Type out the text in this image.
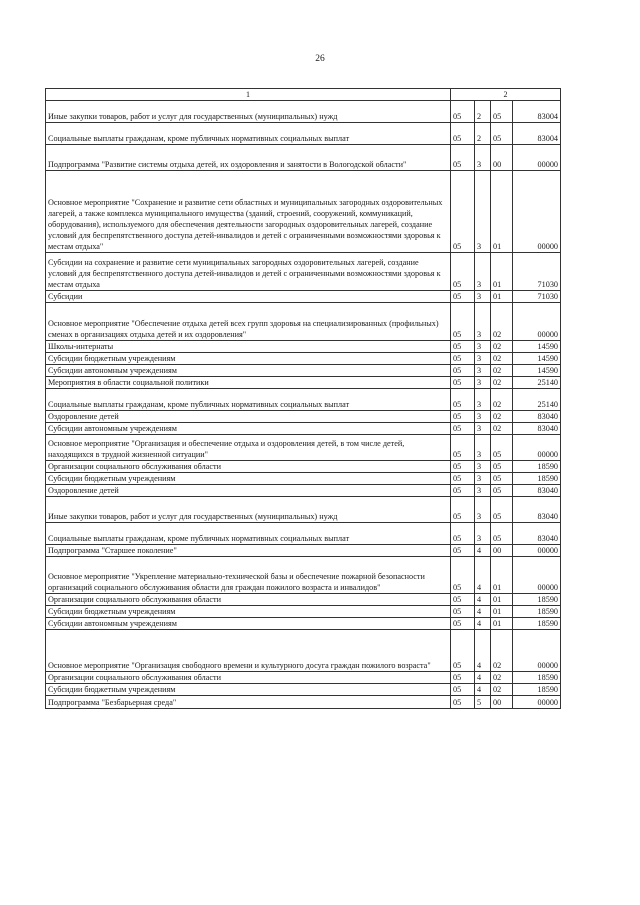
26
1	2			
Иные закупки товаров, работ и услуг для государственных (муниципальных) нужд	05	2	05	83004
Социальные выплаты гражданам, кроме публичных нормативных социальных выплат	05	2	05	83004
Подпрограмма "Развитие системы отдыха детей, их оздоровления и занятости в Вологодской области"	05	3	00	00000
Основное мероприятие "Сохранение и развитие сети областных и муниципальных загородных оздоровительных лагерей, а также комплекса муниципального имущества (зданий, строений, сооружений, коммуникаций, оборудования), используемого для обеспечения деятельности загородных оздоровительных лагерей, создание условий для беспрепятственного доступа детей-инвалидов и детей с ограниченными возможностями здоровья к местам отдыха"	05	3	01	00000
Субсидии на сохранение и развитие сети муниципальных загородных оздоровительных лагерей, создание условий для беспрепятственного доступа детей-инвалидов и детей с ограниченными возможностями здоровья к местам отдыха	05	3	01	71030
Субсидии	05	3	01	71030
Основное мероприятие "Обеспечение отдыха детей всех групп здоровья на специализированных (профильных) сменах в организациях отдыха детей и их оздоровления"	05	3	02	00000
Школы-интернаты	05	3	02	14590
Субсидии бюджетным учреждениям	05	3	02	14590
Субсидии автономным учреждениям	05	3	02	14590
Мероприятия в области социальной политики	05	3	02	25140
Социальные выплаты гражданам, кроме публичных нормативных социальных выплат	05	3	02	25140
Оздоровление детей	05	3	02	83040
Субсидии автономным учреждениям	05	3	02	83040
Основное мероприятие "Организация и обеспечение отдыха и оздоровления детей, в том числе детей, находящихся в трудной жизненной ситуации"	05	3	05	00000
Организации социального обслуживания области	05	3	05	18590
Субсидии бюджетным учреждениям	05	3	05	18590
Оздоровление детей	05	3	05	83040
Иные закупки товаров, работ и услуг для государственных (муниципальных) нужд	05	3	05	83040
Социальные выплаты гражданам, кроме публичных нормативных социальных выплат	05	3	05	83040
Подпрограмма "Старшее поколение"	05	4	00	00000
Основное мероприятие "Укрепление материально-технической базы и обеспечение пожарной безопасности организаций социального обслуживания области для граждан пожилого возраста и инвалидов"	05	4	01	00000
Организации социального обслуживания области	05	4	01	18590
Субсидии бюджетным учреждениям	05	4	01	18590
Субсидии автономным учреждениям	05	4	01	18590
Основное мероприятие "Организация свободного времени и культурного досуга граждан пожилого возраста"	05	4	02	00000
Организации социального обслуживания области	05	4	02	18590
Субсидии бюджетным учреждениям	05	4	02	18590
Подпрограмма "Безбарьерная среда"	05	5	00	00000
